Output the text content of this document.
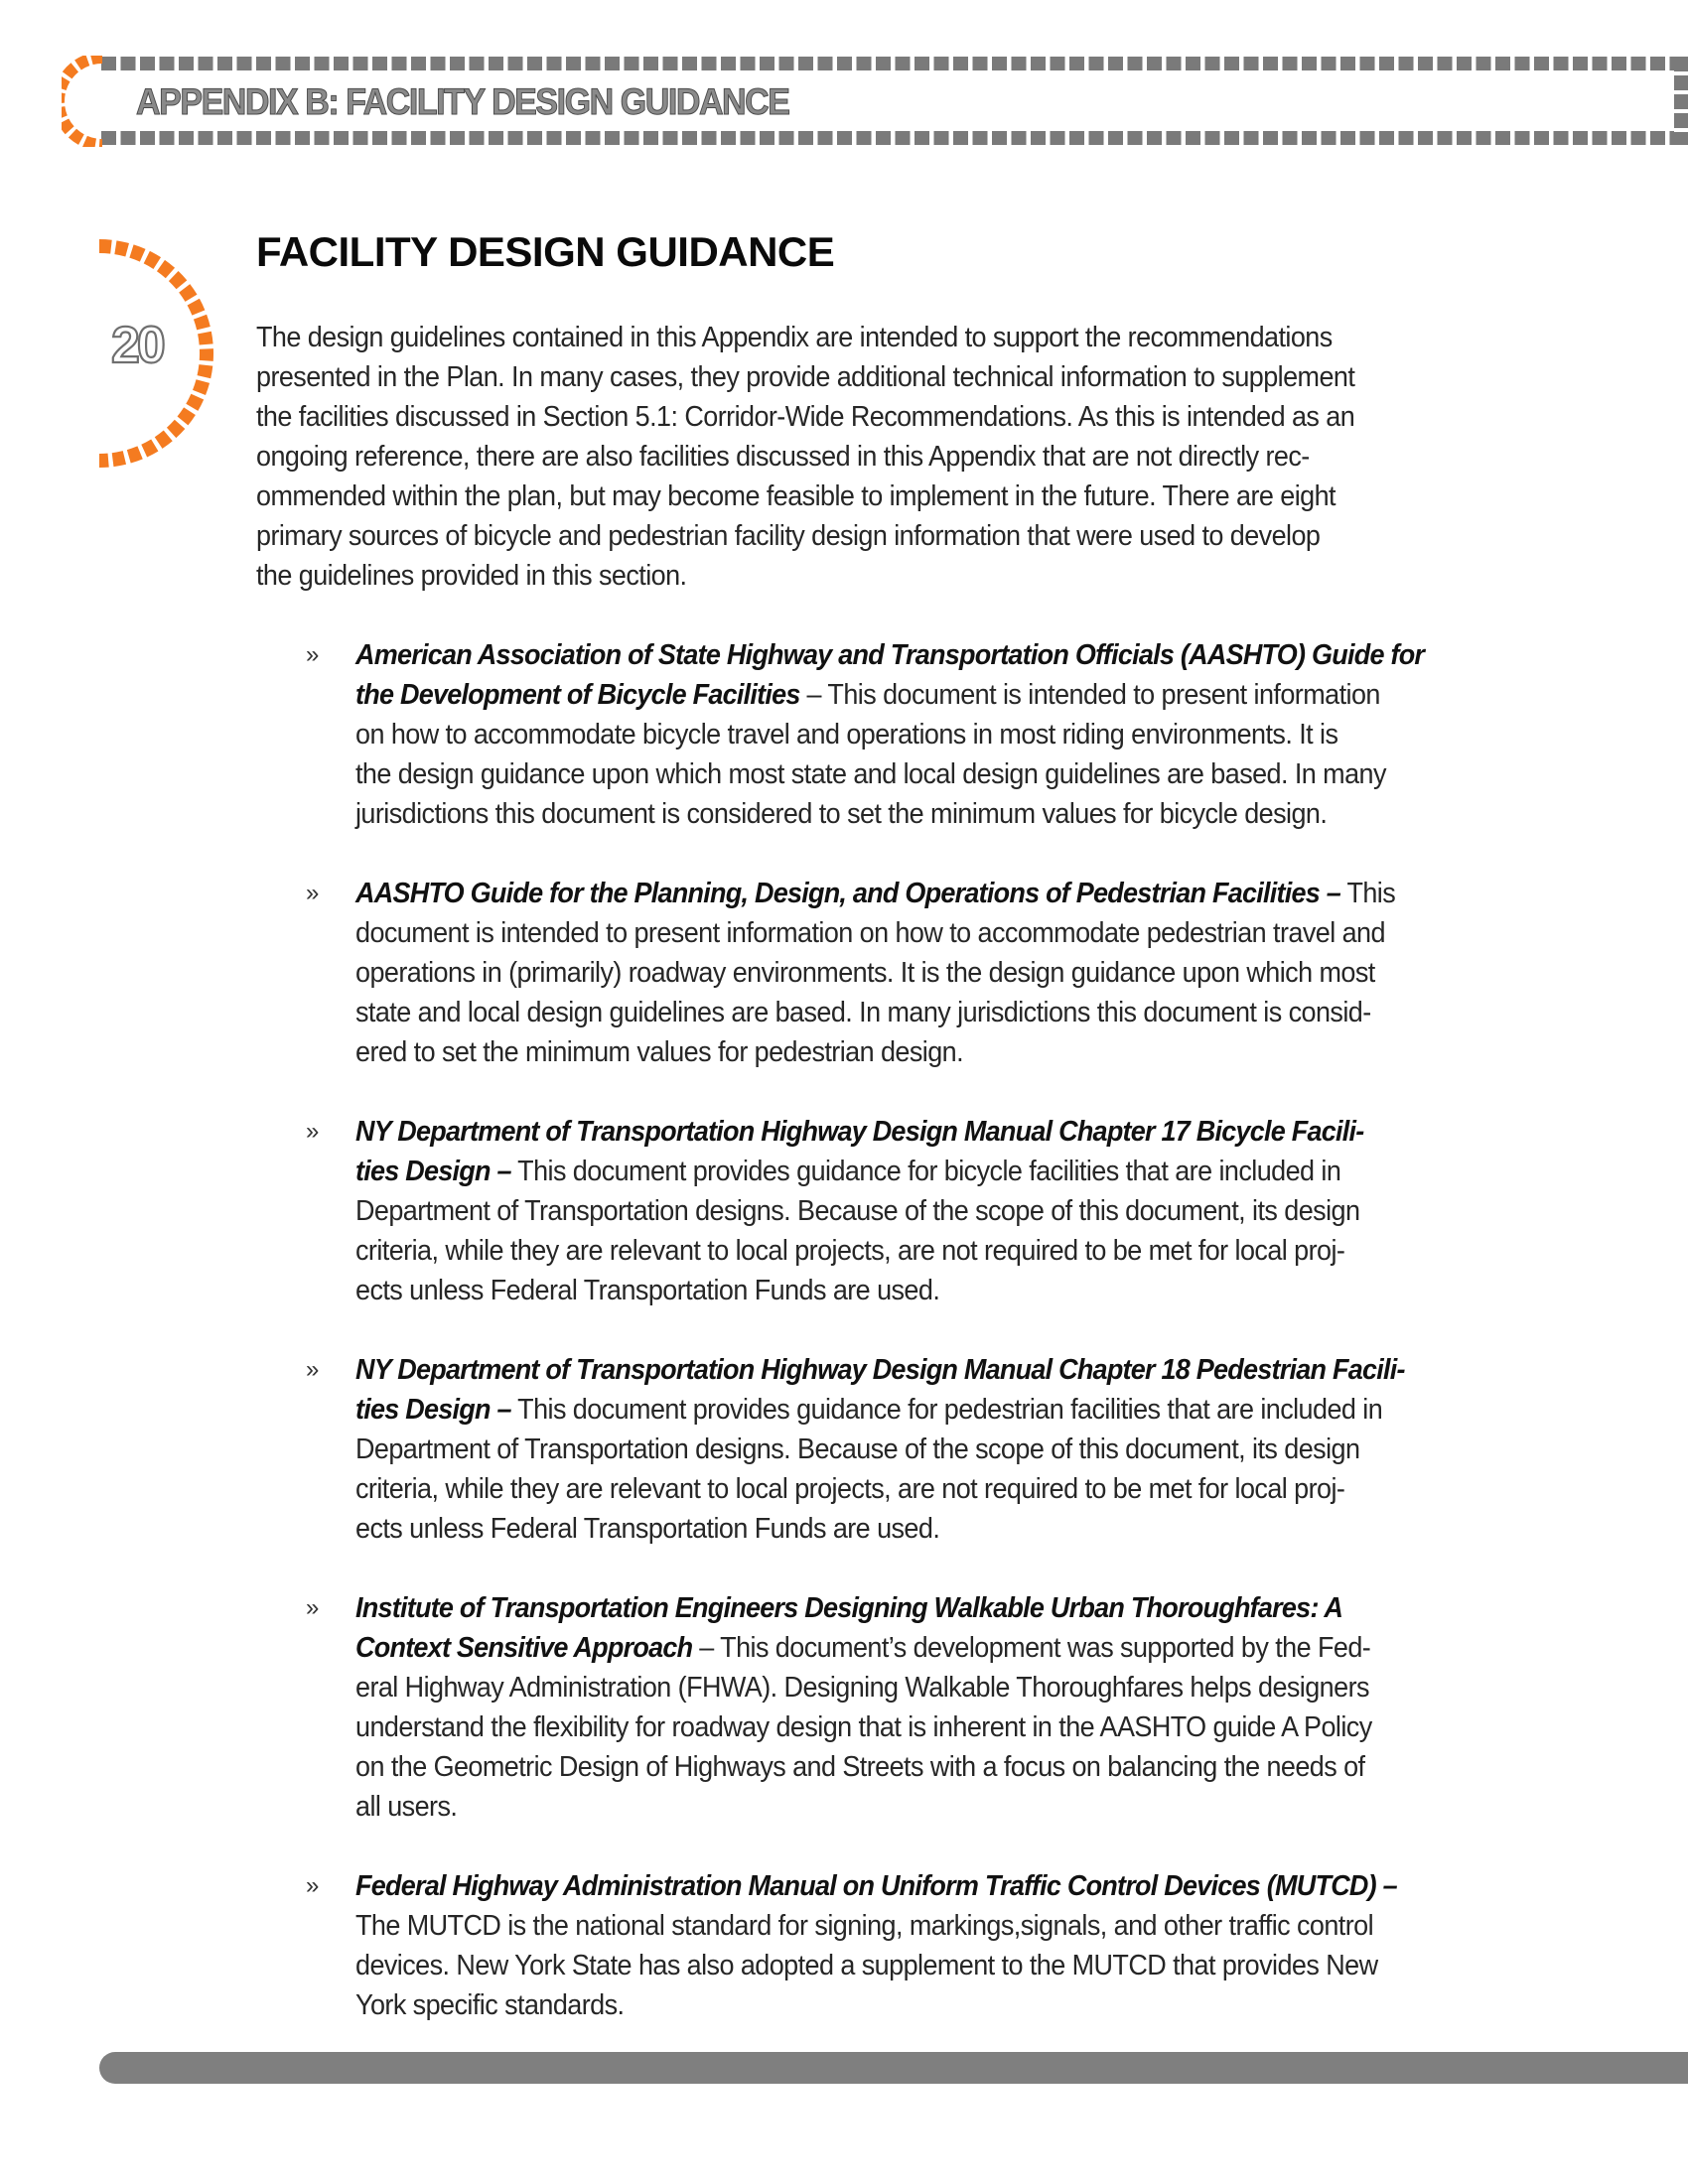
APPENDIX B: FACILITY DESIGN GUIDANCE
20
FACILITY DESIGN GUIDANCE
The design guidelines contained in this Appendix are intended to support the recommendations
presented in the Plan. In many cases, they provide additional technical information to supplement
the facilities discussed in Section 5.1: Corridor-Wide Recommendations. As this is intended as an
ongoing reference, there are also facilities discussed in this Appendix that are not directly rec-
ommended within the plan, but may become feasible to implement in the future. There are eight
primary sources of bicycle and pedestrian facility design information that were used to develop
the guidelines provided in this section.
» American Association of State Highway and Transportation Officials (AASHTO) Guide for
the Development of Bicycle Facilities – This document is intended to present information
on how to accommodate bicycle travel and operations in most riding environments. It is
the design guidance upon which most state and local design guidelines are based. In many
jurisdictions this document is considered to set the minimum values for bicycle design.
» AASHTO Guide for the Planning, Design, and Operations of Pedestrian Facilities – This
document is intended to present information on how to accommodate pedestrian travel and
operations in (primarily) roadway environments. It is the design guidance upon which most
state and local design guidelines are based. In many jurisdictions this document is consid-
ered to set the minimum values for pedestrian design.
» NY Department of Transportation Highway Design Manual Chapter 17 Bicycle Facili-
ties Design – This document provides guidance for bicycle facilities that are included in
Department of Transportation designs. Because of the scope of this document, its design
criteria, while they are relevant to local projects, are not required to be met for local proj-
ects unless Federal Transportation Funds are used.
» NY Department of Transportation Highway Design Manual Chapter 18 Pedestrian Facili-
ties Design – This document provides guidance for pedestrian facilities that are included in
Department of Transportation designs. Because of the scope of this document, its design
criteria, while they are relevant to local projects, are not required to be met for local proj-
ects unless Federal Transportation Funds are used.
» Institute of Transportation Engineers Designing Walkable Urban Thoroughfares: A
Context Sensitive Approach – This document’s development was supported by the Fed-
eral Highway Administration (FHWA). Designing Walkable Thoroughfares helps designers
understand the flexibility for roadway design that is inherent in the AASHTO guide A Policy
on the Geometric Design of Highways and Streets with a focus on balancing the needs of
all users.
» Federal Highway Administration Manual on Uniform Traffic Control Devices (MUTCD) –
The MUTCD is the national standard for signing, markings,signals, and other traffic control
devices. New York State has also adopted a supplement to the MUTCD that provides New
York specific standards.
